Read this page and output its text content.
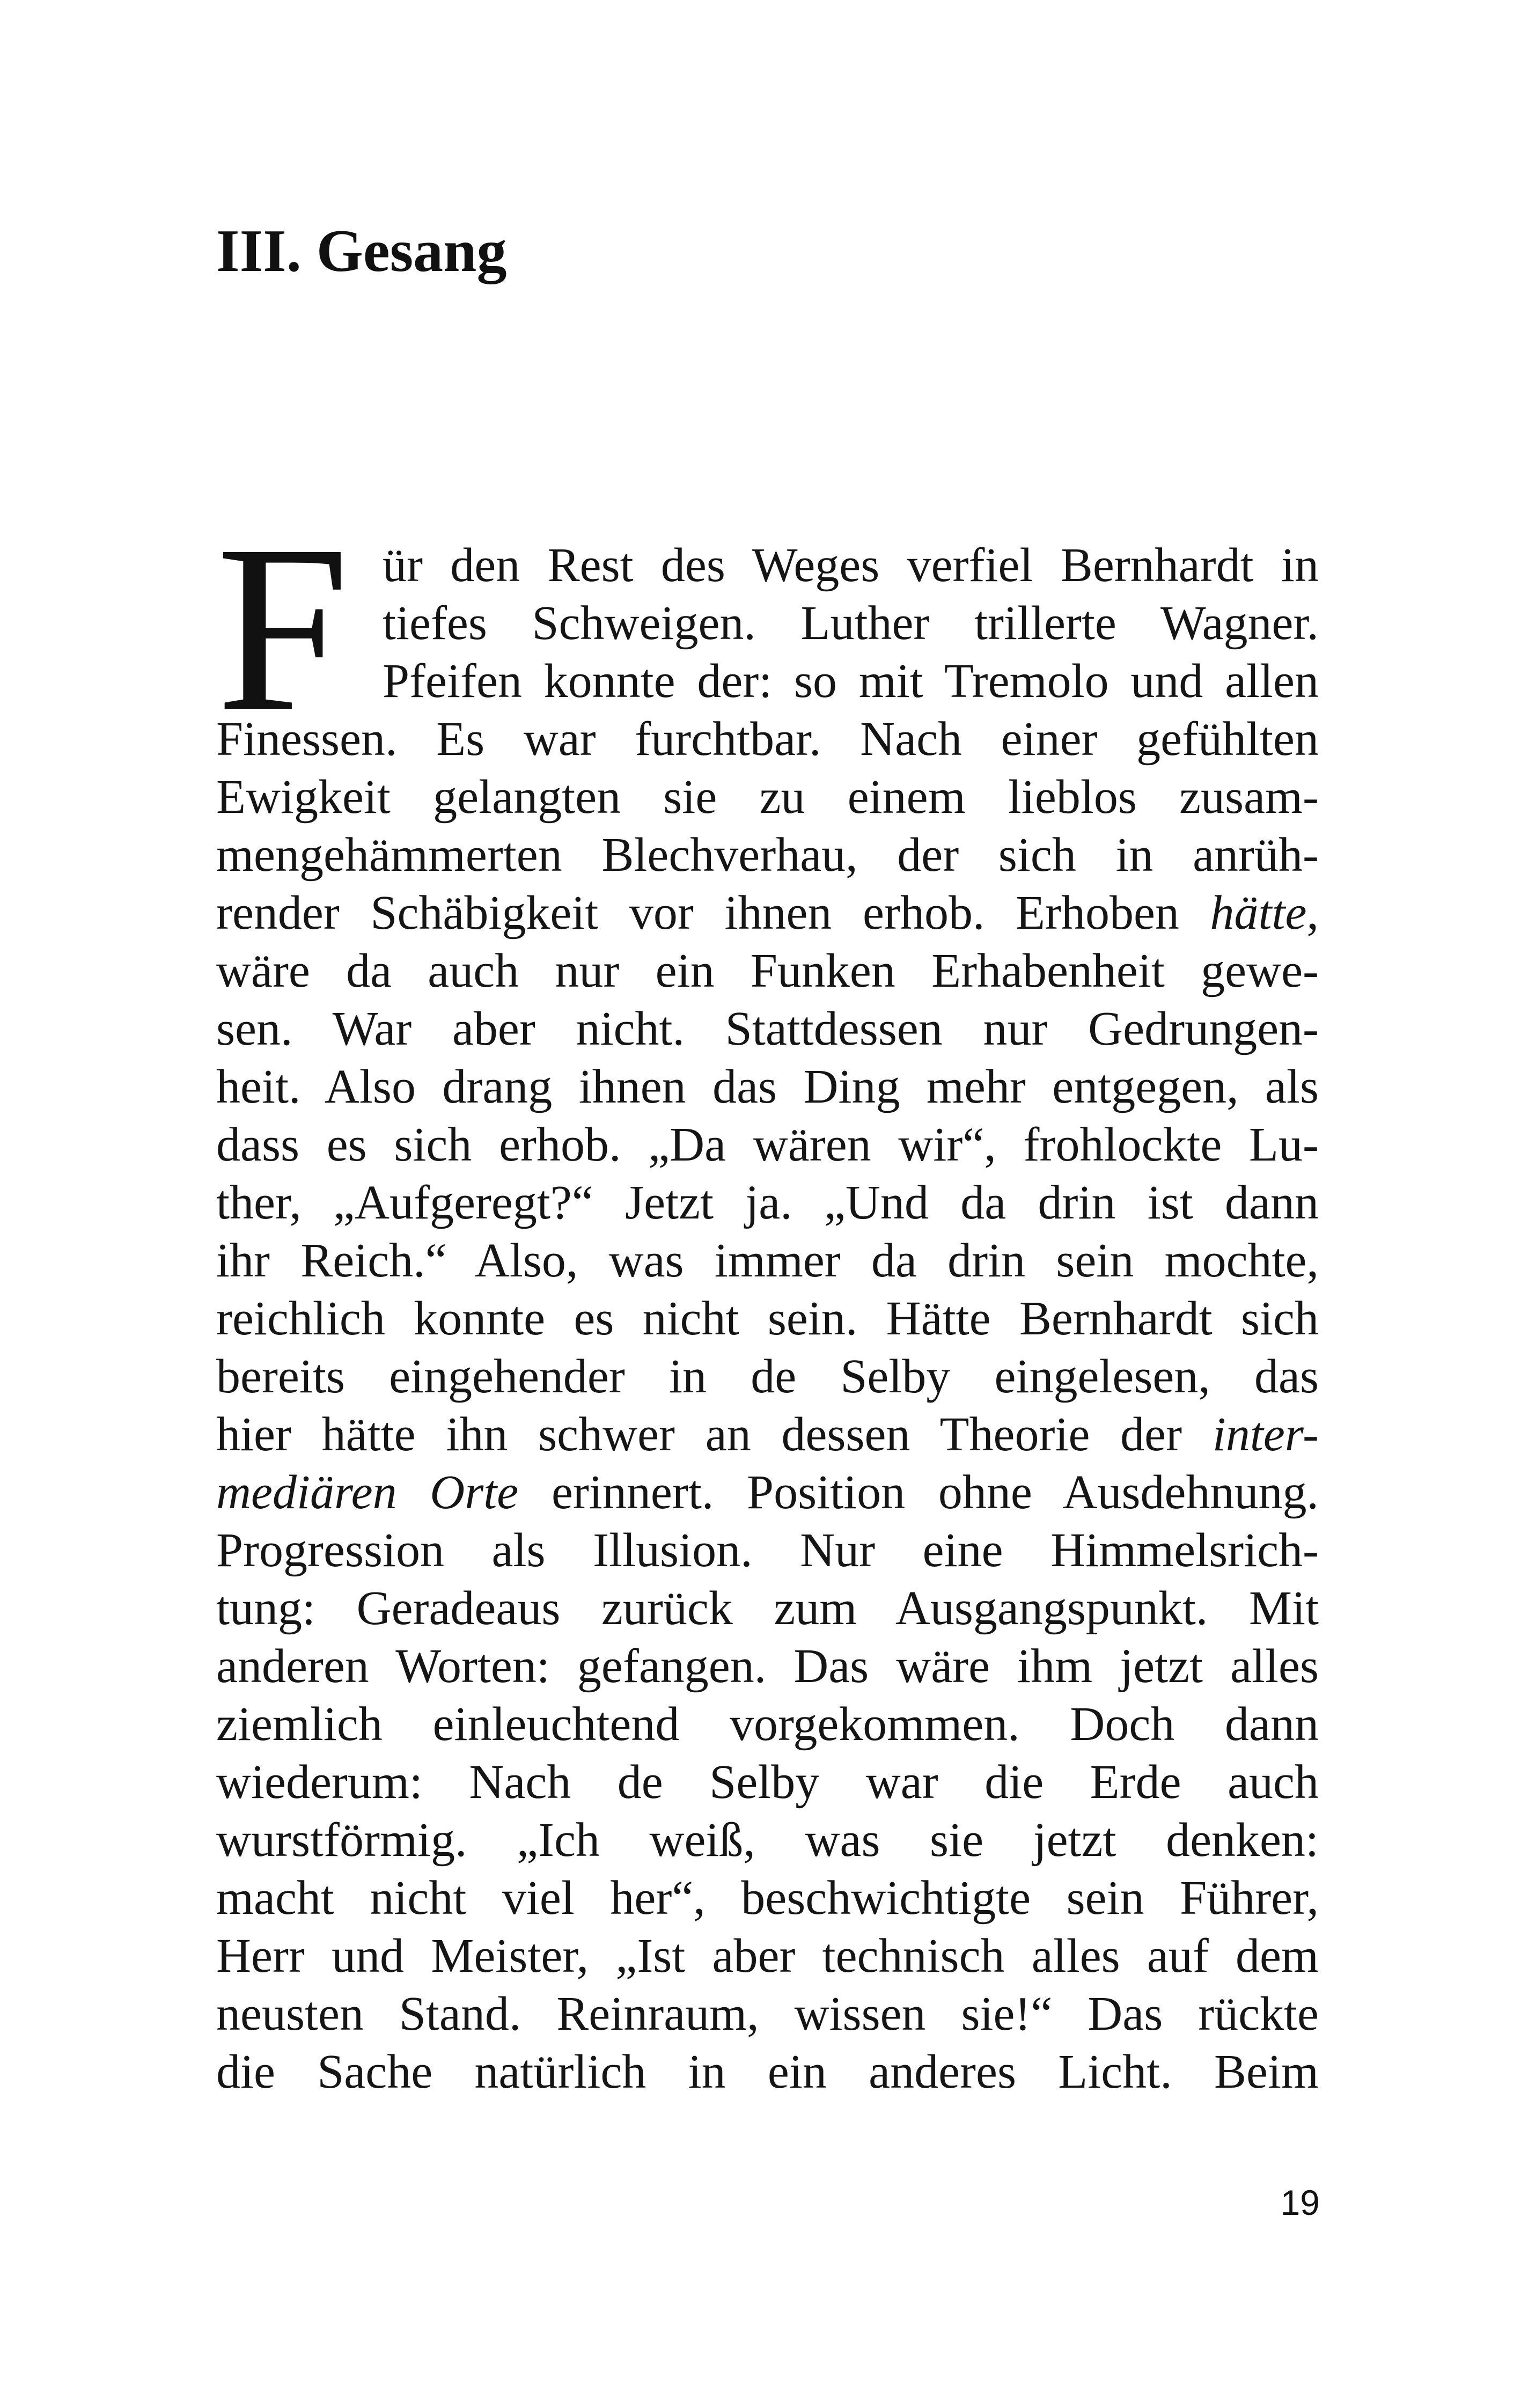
III. Gesang
F ür den Rest des Weges verfiel Bernhardt in
tiefes Schweigen. Luther trillerte Wagner.
Pfeifen konnte der: so mit Tremolo und allen
Finessen. Es war furchtbar. Nach einer gefühlten
Ewigkeit gelangten sie zu einem lieblos zusam-
mengehämmerten Blechverhau, der sich in anrüh-
render Schäbigkeit vor ihnen erhob. Erhoben hätte,
wäre da auch nur ein Funken Erhabenheit gewe-
sen. War aber nicht. Stattdessen nur Gedrungen-
heit. Also drang ihnen das Ding mehr entgegen, als
dass es sich erhob. „Da wären wir“, frohlockte Lu-
ther, „Aufgeregt?“ Jetzt ja. „Und da drin ist dann
ihr Reich.“ Also, was immer da drin sein mochte,
reichlich konnte es nicht sein. Hätte Bernhardt sich
bereits eingehender in de Selby eingelesen, das
hier hätte ihn schwer an dessen Theorie der inter-
mediären Orte erinnert. Position ohne Ausdehnung.
Progression als Illusion. Nur eine Himmelsrich-
tung: Geradeaus zurück zum Ausgangspunkt. Mit
anderen Worten: gefangen. Das wäre ihm jetzt alles
ziemlich einleuchtend vorgekommen. Doch dann
wiederum: Nach de Selby war die Erde auch
wurstförmig. „Ich weiß, was sie jetzt denken:
macht nicht viel her“, beschwichtigte sein Führer,
Herr und Meister, „Ist aber technisch alles auf dem
neusten Stand. Reinraum, wissen sie!“ Das rückte
die Sache natürlich in ein anderes Licht. Beim
19
